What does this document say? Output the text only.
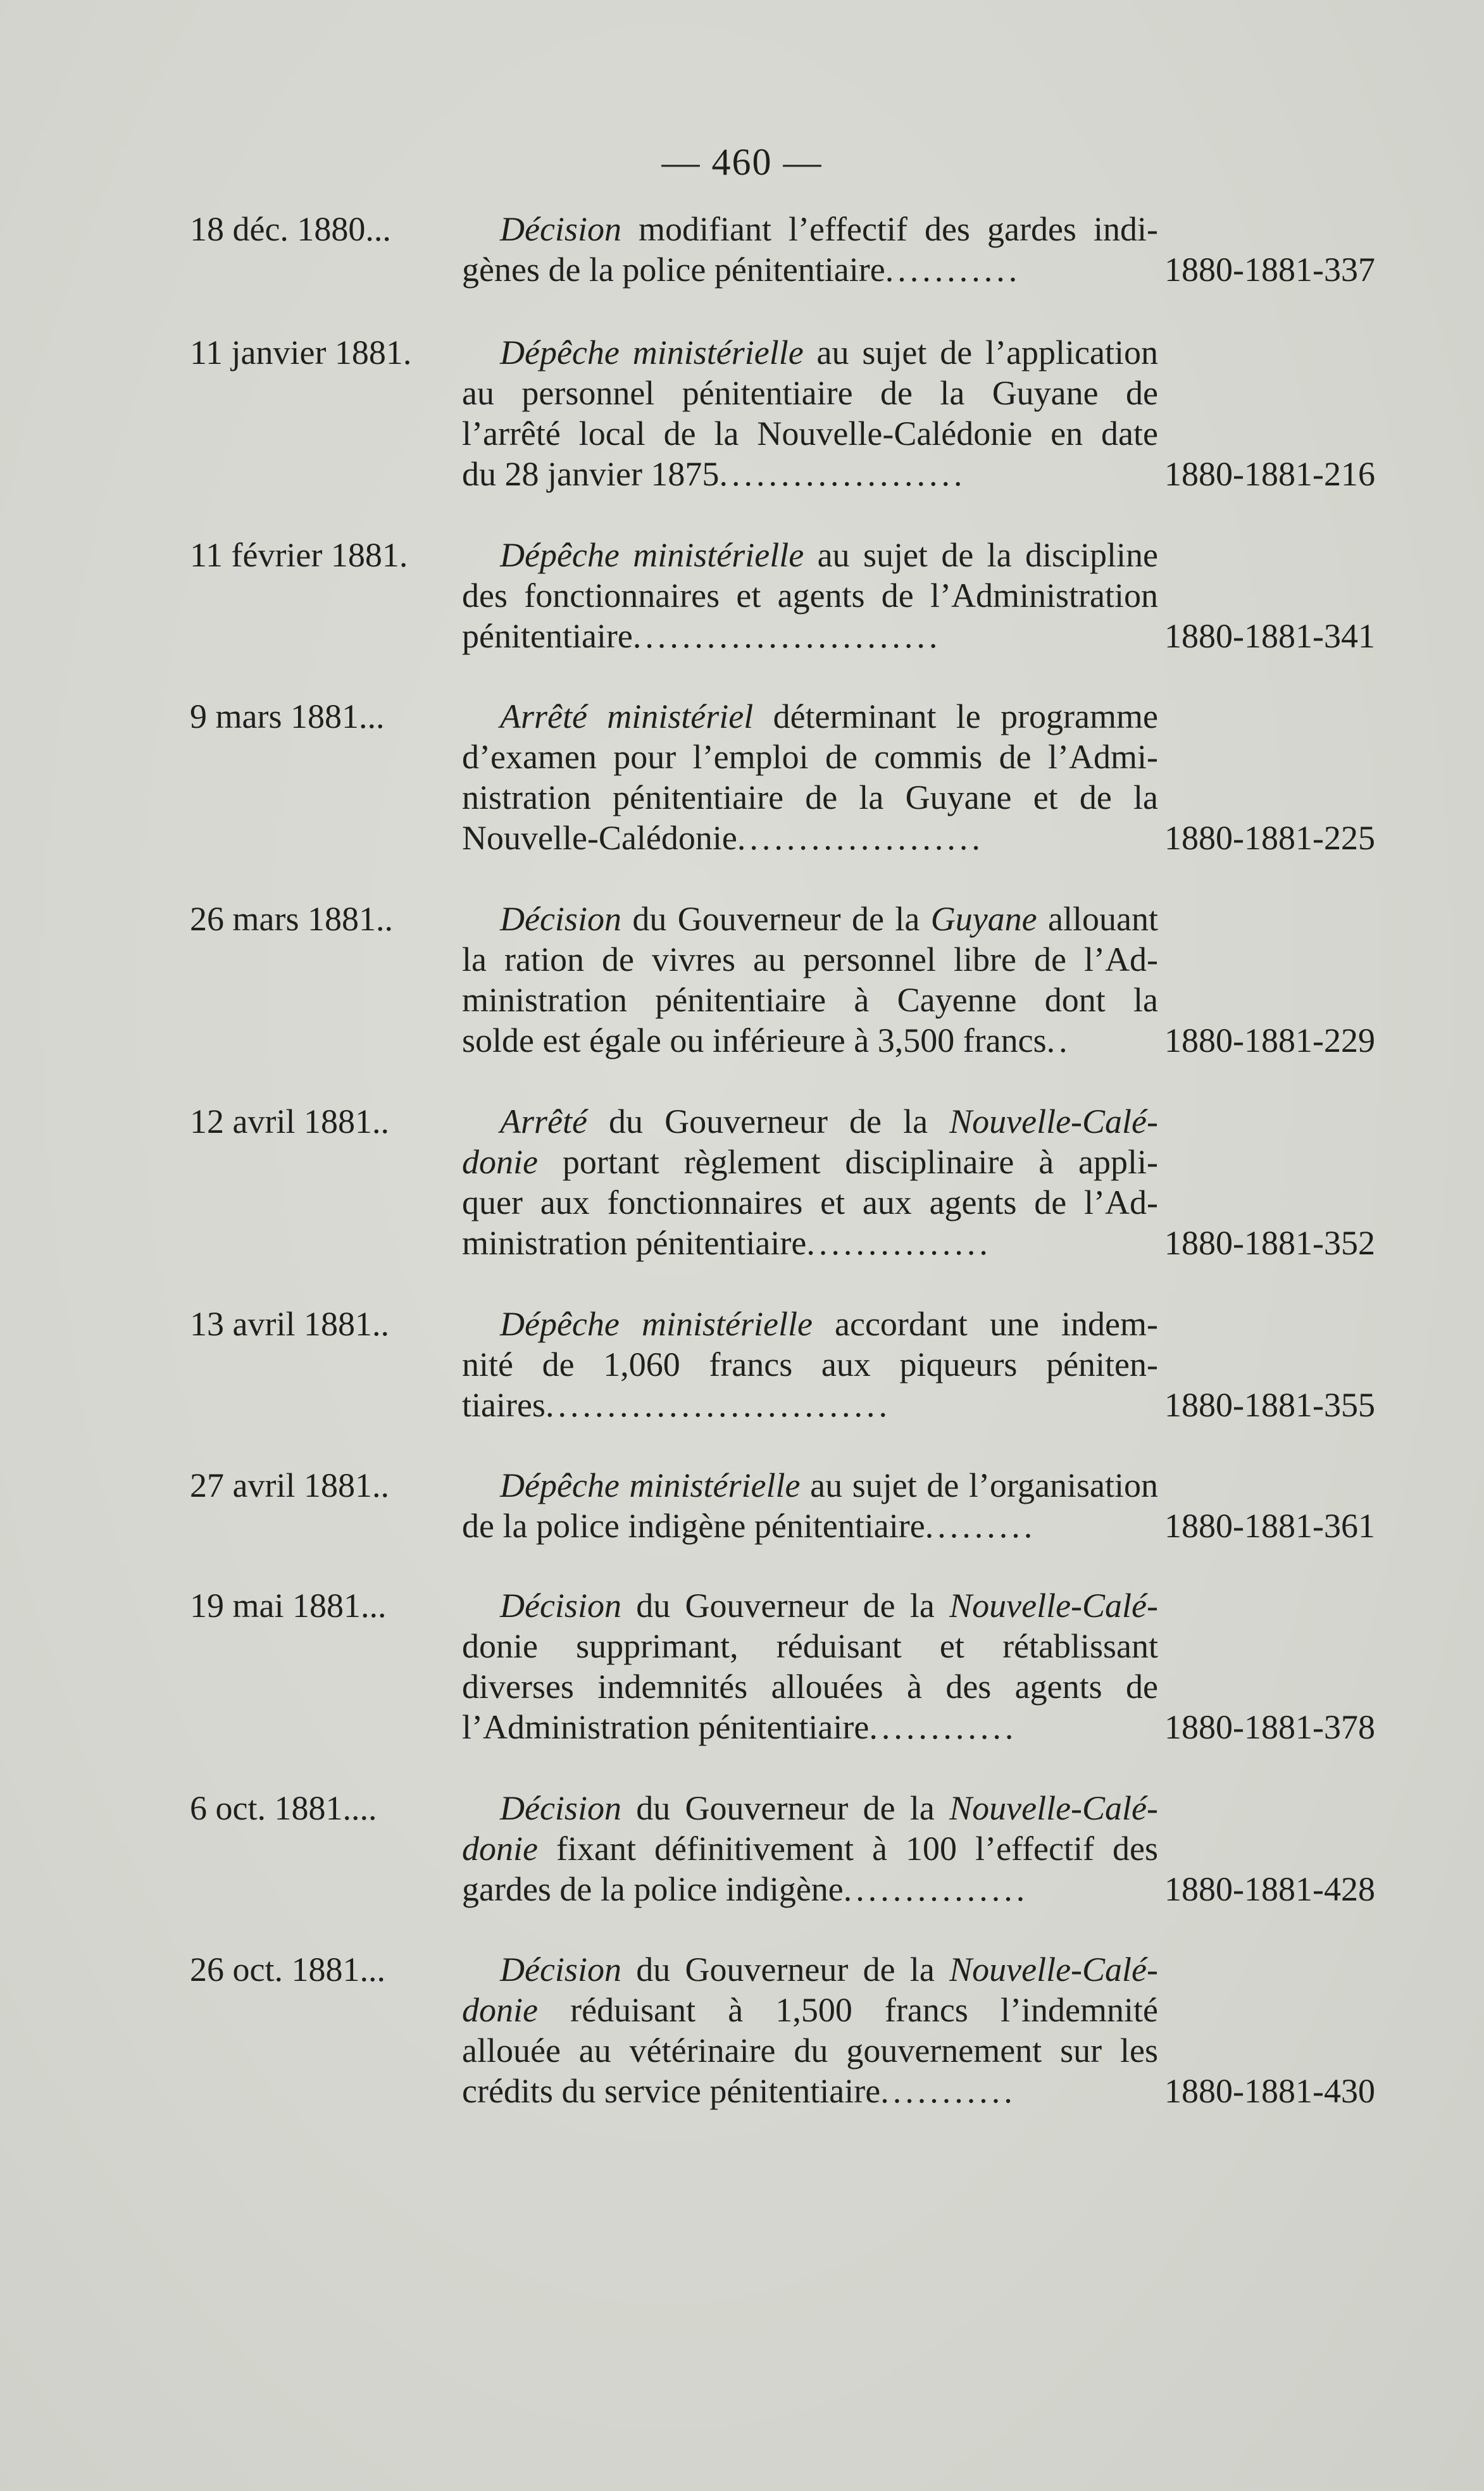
— 460 —
18 déc. 1880...	Décision modifiant l’effectif des gardes indi-
gènes de la police pénitentiaire...........	1880-1881-337
11 janvier 1881.	Dépêche ministérielle au sujet de l’application
au personnel pénitentiaire de la Guyane de
l’arrêté local de la Nouvelle-Calédonie en date
du 28 janvier 1875....................	1880-1881-216
11 février 1881.	Dépêche ministérielle au sujet de la discipline
des fonctionnaires et agents de l’Administration
pénitentiaire.........................	1880-1881-341
9 mars 1881...	Arrêté ministériel déterminant le programme
d’examen pour l’emploi de commis de l’Admi-
nistration pénitentiaire de la Guyane et de la
Nouvelle-Calédonie....................	1880-1881-225
26 mars 1881..	Décision du Gouverneur de la Guyane allouant
la ration de vivres au personnel libre de l’Ad-
ministration pénitentiaire à Cayenne dont la
solde est égale ou inférieure à 3,500 francs..	1880-1881-229
12 avril 1881..	Arrêté du Gouverneur de la Nouvelle-Calé-
donie portant règlement disciplinaire à appli-
quer aux fonctionnaires et aux agents de l’Ad-
ministration pénitentiaire...............	1880-1881-352
13 avril 1881..	Dépêche ministérielle accordant une indem-
nité de 1,060 francs aux piqueurs péniten-
tiaires............................	1880-1881-355
27 avril 1881..	Dépêche ministérielle au sujet de l’organisation
de la police indigène pénitentiaire.........	1880-1881-361
19 mai 1881...	Décision du Gouverneur de la Nouvelle-Calé-
donie supprimant, réduisant et rétablissant
diverses indemnités allouées à des agents de
l’Administration pénitentiaire............	1880-1881-378
6 oct. 1881....	Décision du Gouverneur de la Nouvelle-Calé-
donie fixant définitivement à 100 l’effectif des
gardes de la police indigène...............	1880-1881-428
26 oct. 1881...	Décision du Gouverneur de la Nouvelle-Calé-
donie réduisant à 1,500 francs l’indemnité
allouée au vétérinaire du gouvernement sur les
crédits du service pénitentiaire...........	1880-1881-430
